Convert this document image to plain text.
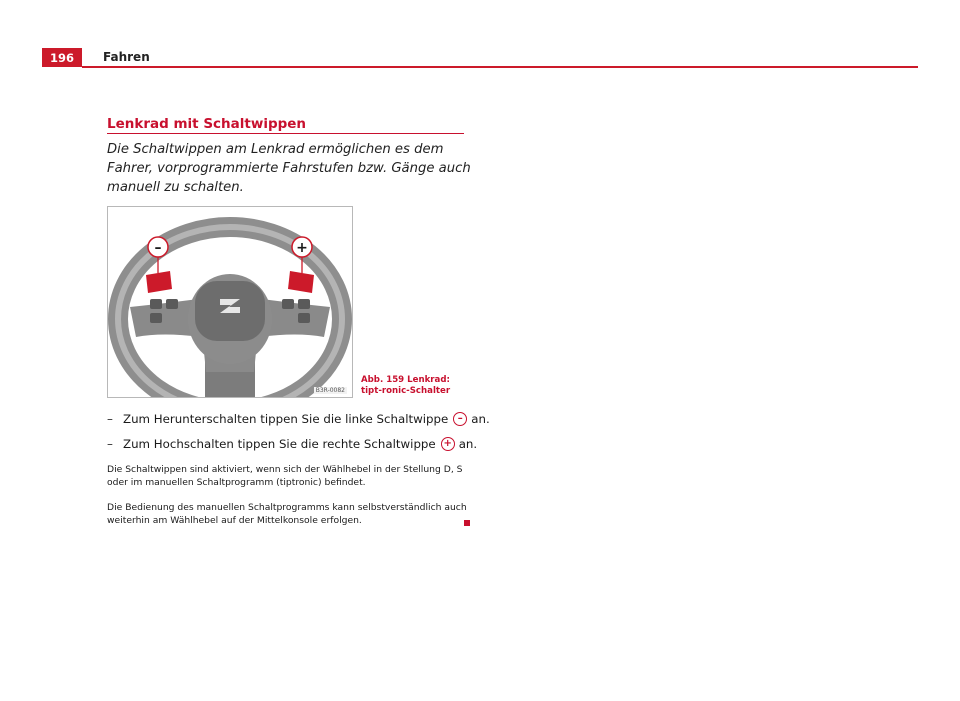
196	Fahren
Lenkrad mit Schaltwippen
Die Schaltwippen am Lenkrad ermöglichen es dem Fahrer, vorprogrammierte Fahrstufen bzw. Gänge auch manuell zu schalten.
–	+
B3R-0082
Abb. 159 Lenkrad: tipt-ronic-Schalter
– Zum Herunterschalten tippen Sie die linke Schaltwippe – an.
– Zum Hochschalten tippen Sie die rechte Schaltwippe + an.
Die Schaltwippen sind aktiviert, wenn sich der Wählhebel in der Stellung D, S oder im manuellen Schaltprogramm (tiptronic) befindet.
Die Bedienung des manuellen Schaltprogramms kann selbstverständlich auch weiterhin am Wählhebel auf der Mittelkonsole erfolgen.
